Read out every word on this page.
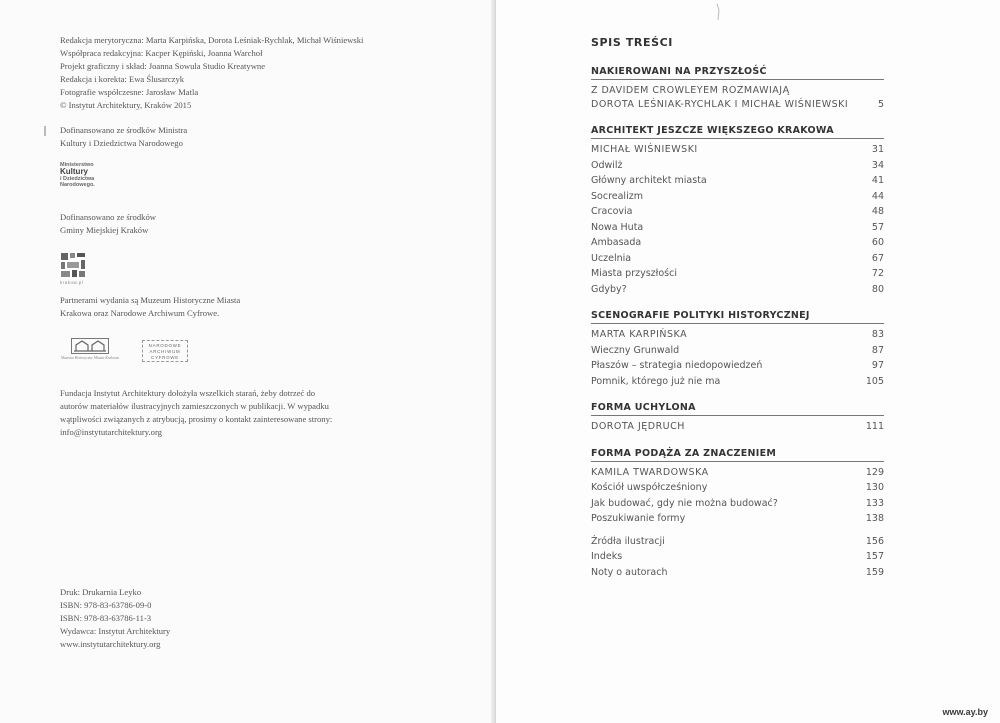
Redakcja merytoryczna: Marta Karpińska, Dorota Leśniak-Rychlak, Michał Wiśniewski
Współpraca redakcyjna: Kacper Kępiński, Joanna Warchoł
Projekt graficzny i skład: Joanna Sowula Studio Kreatywne
Redakcja i korekta: Ewa Ślusarczyk
Fotografie współczesne: Jarosław Matla
© Instytut Architektury, Kraków 2015
Dofinansowano ze środków Ministra
Kultury i Dziedzictwa Narodowego
Ministerstwo
Kultury
i Dziedzictwa
Narodowego.
Dofinansowano ze środków
Gminy Miejskiej Kraków
krakow.pl
Partnerami wydania są Muzeum Historyczne Miasta
Krakowa oraz Narodowe Archiwum Cyfrowe.
Muzeum Historyczne Miasta Krakowa
NARODOWE
ARCHIWUM
CYFROWE
Fundacja Instytut Architektury dołożyła wszelkich starań, żeby dotrzeć do
autorów materiałów ilustracyjnych zamieszczonych w publikacji. W wypadku
wątpliwości związanych z atrybucją, prosimy o kontakt zainteresowane strony:
info@instytutarchitektury.org
Druk: Drukarnia Leyko
ISBN: 978-83-63786-09-0
ISBN: 978-83-63786-11-3
Wydawca: Instytut Architektury
www.instytutarchitektury.org
SPIS TREŚCI
NAKIEROWANI NA PRZYSZŁOŚĆ
Z DAVIDEM CROWLEYEM ROZMAWIAJĄ
DOROTA LEŚNIAK-RYCHLAK I MICHAŁ WIŚNIEWSKI	5
ARCHITEKT JESZCZE WIĘKSZEGO KRAKOWA
MICHAŁ WIŚNIEWSKI	31
Odwilż	34
Główny architekt miasta	41
Socrealizm	44
Cracovia	48
Nowa Huta	57
Ambasada	60
Uczelnia	67
Miasta przyszłości	72
Gdyby?	80
SCENOGRAFIE POLITYKI HISTORYCZNEJ
MARTA KARPIŃSKA	83
Wieczny Grunwald	87
Płaszów – strategia niedopowiedzeń	97
Pomnik, którego już nie ma	105
FORMA UCHYLONA
DOROTA JĘDRUCH	111
FORMA PODĄŻA ZA ZNACZENIEM
KAMILA TWARDOWSKA	129
Kościół uwspółcześniony	130
Jak budować, gdy nie można budować?	133
Poszukiwanie formy	138
Źródła ilustracji	156
Indeks	157
Noty o autorach	159
www.ay.by
